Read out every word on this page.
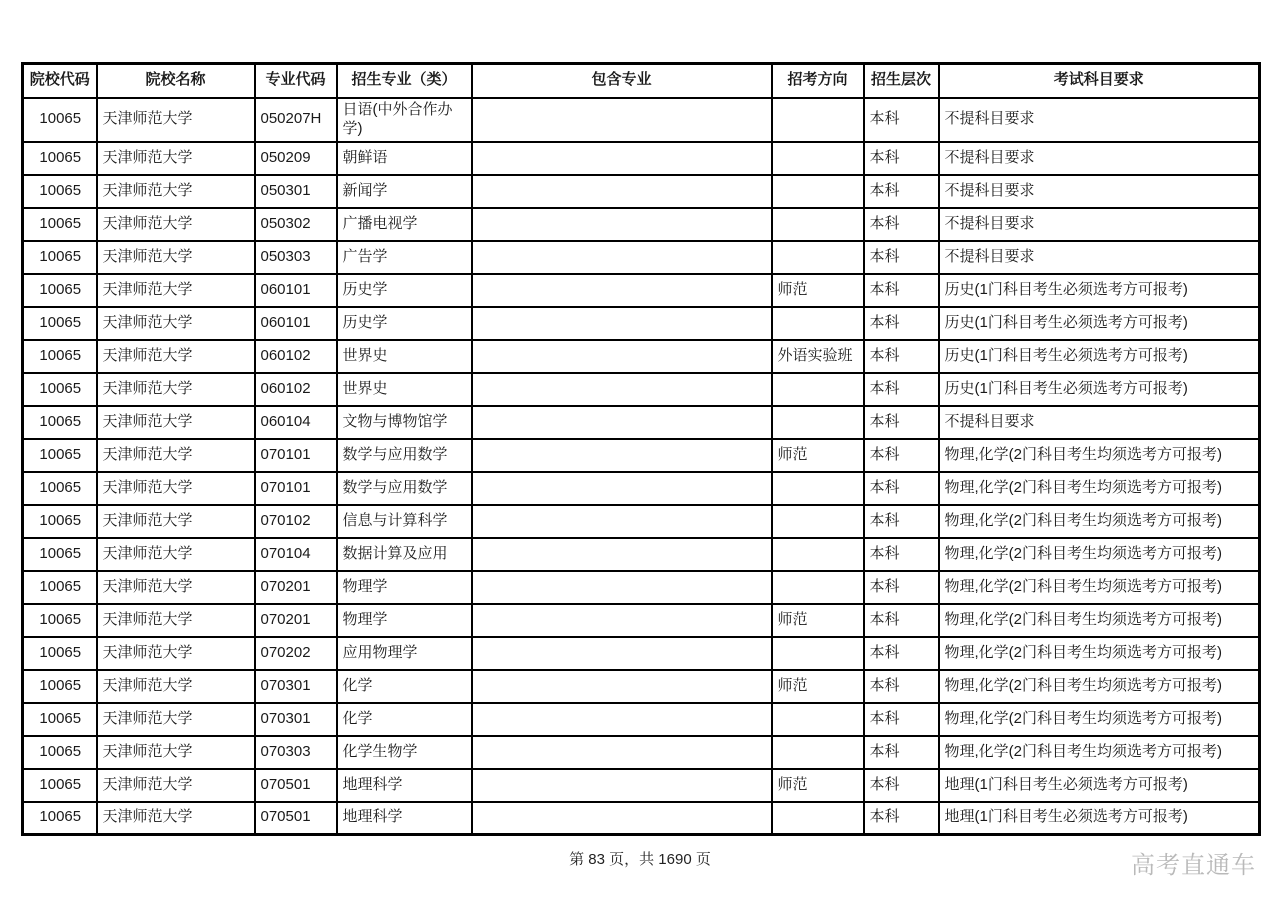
院校代码	院校名称	专业代码	招生专业（类）	包含专业	招考方向	招生层次	考试科目要求
10065	天津师范大学	050207H	日语(中外合作办学)			本科	不提科目要求
10065	天津师范大学	050209	朝鲜语			本科	不提科目要求
10065	天津师范大学	050301	新闻学			本科	不提科目要求
10065	天津师范大学	050302	广播电视学			本科	不提科目要求
10065	天津师范大学	050303	广告学			本科	不提科目要求
10065	天津师范大学	060101	历史学		师范	本科	历史(1门科目考生必须选考方可报考)
10065	天津师范大学	060101	历史学			本科	历史(1门科目考生必须选考方可报考)
10065	天津师范大学	060102	世界史		外语实验班	本科	历史(1门科目考生必须选考方可报考)
10065	天津师范大学	060102	世界史			本科	历史(1门科目考生必须选考方可报考)
10065	天津师范大学	060104	文物与博物馆学			本科	不提科目要求
10065	天津师范大学	070101	数学与应用数学		师范	本科	物理,化学(2门科目考生均须选考方可报考)
10065	天津师范大学	070101	数学与应用数学			本科	物理,化学(2门科目考生均须选考方可报考)
10065	天津师范大学	070102	信息与计算科学			本科	物理,化学(2门科目考生均须选考方可报考)
10065	天津师范大学	070104	数据计算及应用			本科	物理,化学(2门科目考生均须选考方可报考)
10065	天津师范大学	070201	物理学			本科	物理,化学(2门科目考生均须选考方可报考)
10065	天津师范大学	070201	物理学		师范	本科	物理,化学(2门科目考生均须选考方可报考)
10065	天津师范大学	070202	应用物理学			本科	物理,化学(2门科目考生均须选考方可报考)
10065	天津师范大学	070301	化学		师范	本科	物理,化学(2门科目考生均须选考方可报考)
10065	天津师范大学	070301	化学			本科	物理,化学(2门科目考生均须选考方可报考)
10065	天津师范大学	070303	化学生物学			本科	物理,化学(2门科目考生均须选考方可报考)
10065	天津师范大学	070501	地理科学		师范	本科	地理(1门科目考生必须选考方可报考)
10065	天津师范大学	070501	地理科学			本科	地理(1门科目考生必须选考方可报考)
第 83 页，共 1690 页	高考直通车
